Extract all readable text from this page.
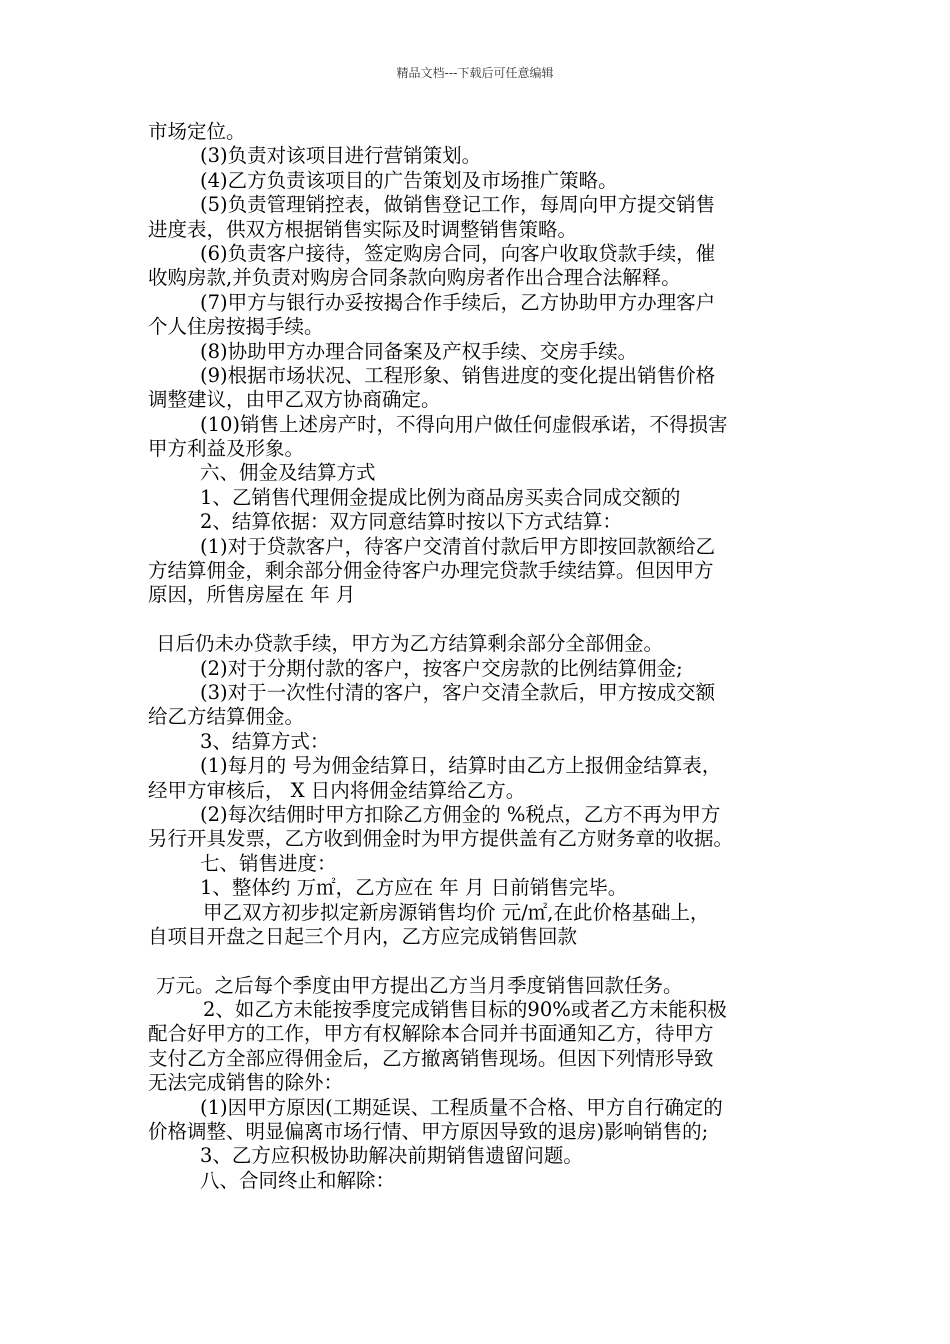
精品文档---下载后可任意编辑
市场定位。
(3)负责对该项目进行营销策划。
(4)乙方负责该项目的广告策划及市场推广策略。
(5)负责管理销控表，做销售登记工作，每周向甲方提交销售
进度表，供双方根据销售实际及时调整销售策略。
(6)负责客户接待，签定购房合同，向客户收取贷款手续，催
收购房款,并负责对购房合同条款向购房者作出合理合法解释。
(7)甲方与银行办妥按揭合作手续后，乙方协助甲方办理客户
个人住房按揭手续。
(8)协助甲方办理合同备案及产权手续、交房手续。
(9)根据市场状况、工程形象、销售进度的变化提出销售价格
调整建议，由甲乙双方协商确定。
(10)销售上述房产时，不得向用户做任何虚假承诺，不得损害
甲方利益及形象。
六、佣金及结算方式
1、乙销售代理佣金提成比例为商品房买卖合同成交额的
2、结算依据：双方同意结算时按以下方式结算：
(1)对于贷款客户，待客户交清首付款后甲方即按回款额给乙
方结算佣金，剩余部分佣金待客户办理完贷款手续结算。但因甲方
原因，所售房屋在 年 月
日后仍未办贷款手续，甲方为乙方结算剩余部分全部佣金。
(2)对于分期付款的客户，按客户交房款的比例结算佣金;
(3)对于一次性付清的客户，客户交清全款后，甲方按成交额
给乙方结算佣金。
3、结算方式：
(1)每月的 号为佣金结算日，结算时由乙方上报佣金结算表，
经甲方审核后， X 日内将佣金结算给乙方。
(2)每次结佣时甲方扣除乙方佣金的 %税点，乙方不再为甲方
另行开具发票，乙方收到佣金时为甲方提供盖有乙方财务章的收据。
七、销售进度：
1、整体约 万㎡，乙方应在 年 月 日前销售完毕。
甲乙双方初步拟定新房源销售均价 元/㎡,在此价格基础上，
自项目开盘之日起三个月内，乙方应完成销售回款
万元。之后每个季度由甲方提出乙方当月季度销售回款任务。
2、如乙方未能按季度完成销售目标的90%或者乙方未能积极
配合好甲方的工作，甲方有权解除本合同并书面通知乙方，待甲方
支付乙方全部应得佣金后，乙方撤离销售现场。但因下列情形导致
无法完成销售的除外：
(1)因甲方原因(工期延误、工程质量不合格、甲方自行确定的
价格调整、明显偏离市场行情、甲方原因导致的退房)影响销售的;
3、乙方应积极协助解决前期销售遗留问题。
八、合同终止和解除：
